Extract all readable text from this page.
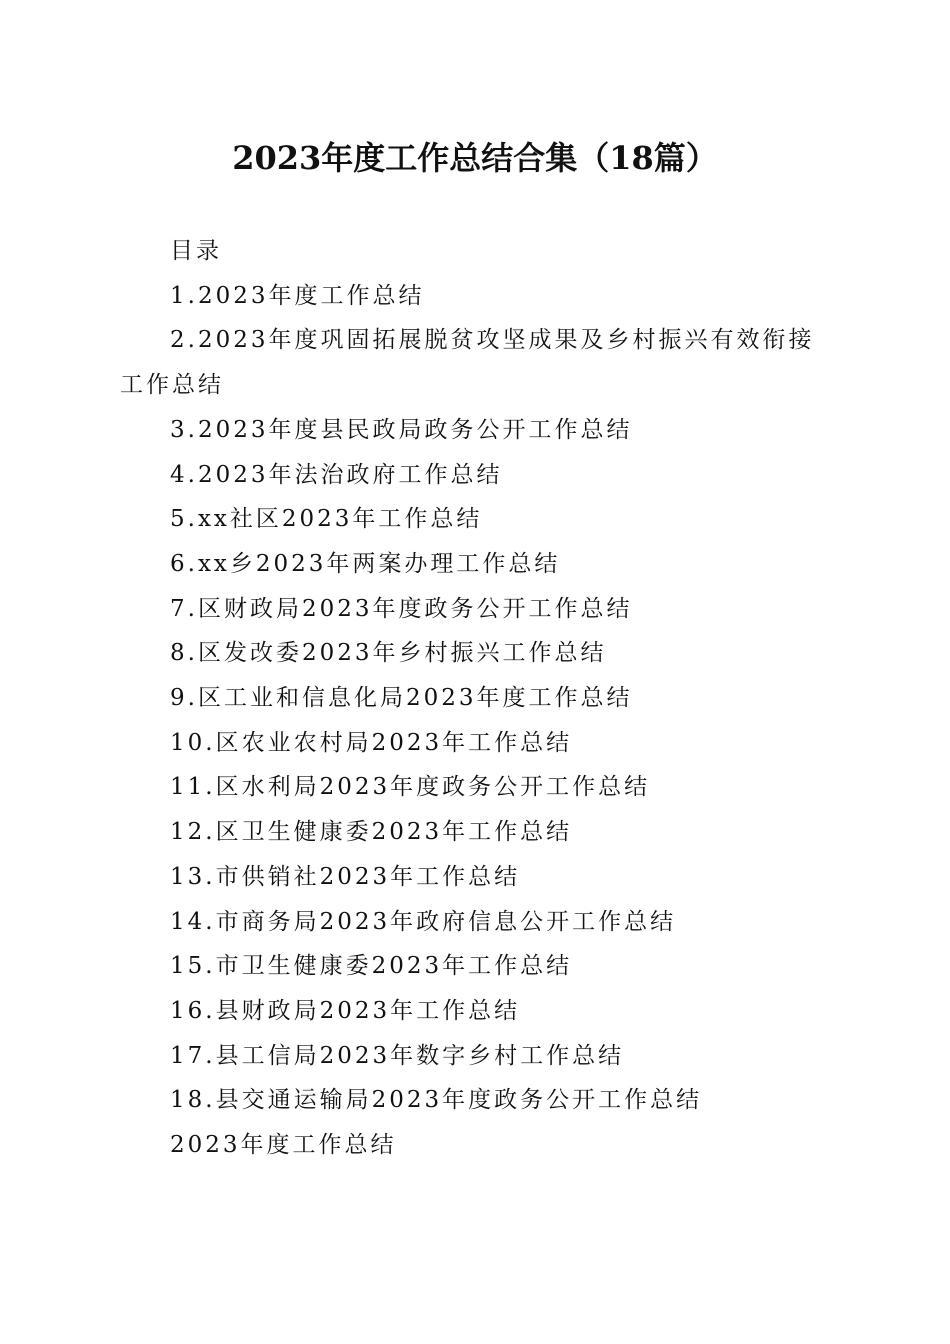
2023年度工作总结合集（18篇）

目录

1.2023年度工作总结
2.2023年度巩固拓展脱贫攻坚成果及乡村振兴有效衔接工作总结
3.2023年度县民政局政务公开工作总结
4.2023年法治政府工作总结
5.xx社区2023年工作总结
6.xx乡2023年两案办理工作总结
7.区财政局2023年度政务公开工作总结
8.区发改委2023年乡村振兴工作总结
9.区工业和信息化局2023年度工作总结
10.区农业农村局2023年工作总结
11.区水利局2023年度政务公开工作总结
12.区卫生健康委2023年工作总结
13.市供销社2023年工作总结
14.市商务局2023年政府信息公开工作总结
15.市卫生健康委2023年工作总结
16.县财政局2023年工作总结
17.县工信局2023年数字乡村工作总结
18.县交通运输局2023年度政务公开工作总结

2023年度工作总结
